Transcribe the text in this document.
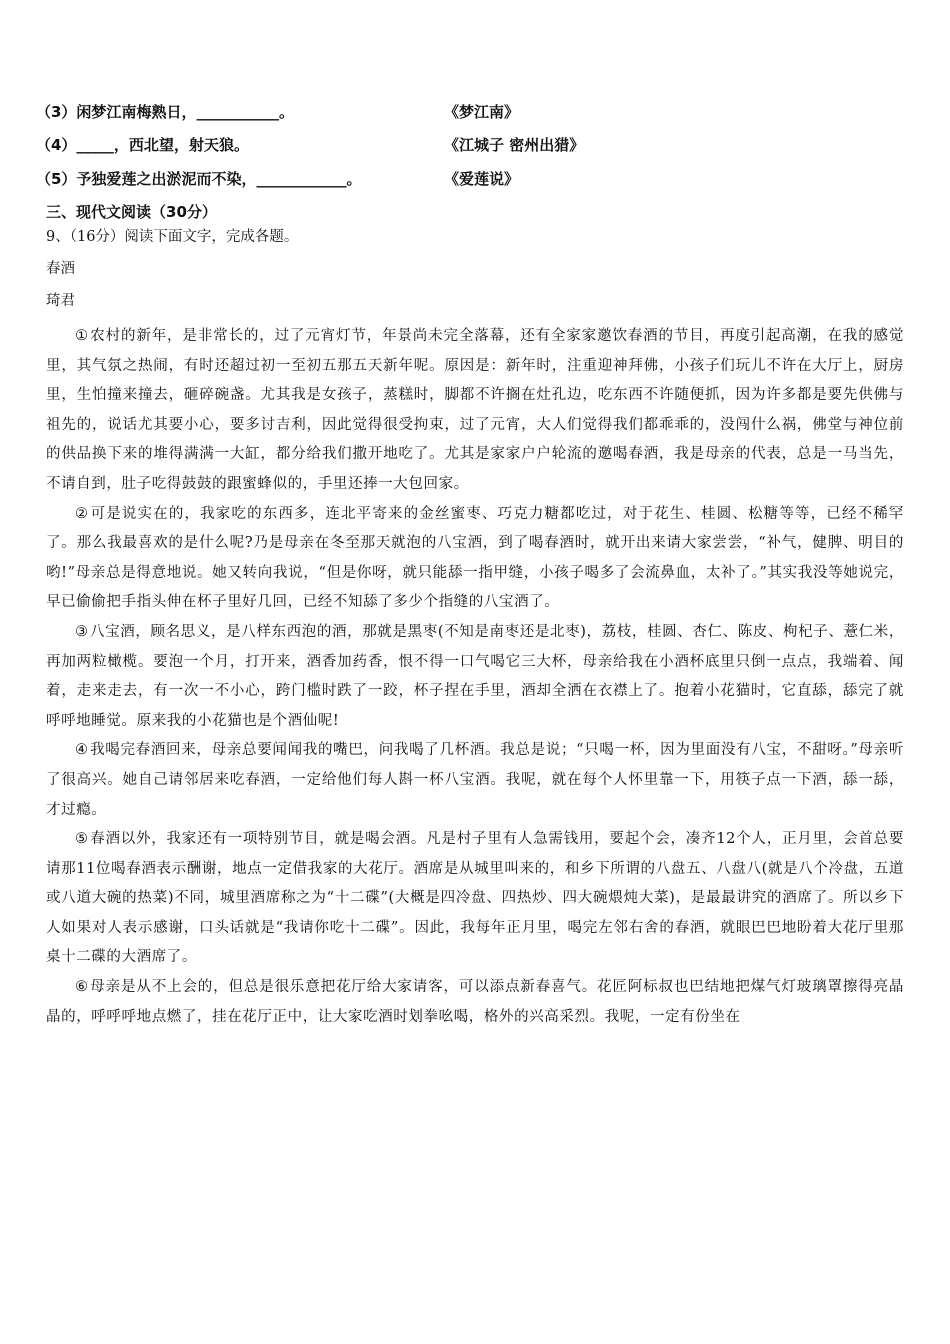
（3）闲梦江南梅熟日，___________。	《梦江南》
（4）_____，西北望，射天狼。	《江城子 密州出猎》
（5）予独爱莲之出淤泥而不染，____________。	《爱莲说》
三、现代文阅读（30分）
9、（16分）阅读下面文字，完成各题。
春酒
琦君

① 农村的新年，是非常长的，过了元宵灯节，年景尚未完全落幕，还有全家家邀饮春酒的节目，再度引起高潮，在我的感觉里，其气氛之热闹，有时还超过初一至初五那五天新年呢。原因是：新年时，注重迎神拜佛，小孩子们玩儿不许在大厅上，厨房里，生怕撞来撞去，砸碎碗盏。尤其我是女孩子，蒸糕时，脚都不许搁在灶孔边，吃东西不许随便抓，因为许多都是要先供佛与祖先的，说话尤其要小心，要多讨吉利，因此觉得很受拘束，过了元宵，大人们觉得我们都乖乖的，没闯什么祸，佛堂与神位前的供品换下来的堆得满满一大缸，都分给我们撒开地吃了。尤其是家家户户轮流的邀喝春酒，我是母亲的代表，总是一马当先，不请自到，肚子吃得鼓鼓的跟蜜蜂似的，手里还捧一大包回家。

② 可是说实在的，我家吃的东西多，连北平寄来的金丝蜜枣、巧克力糖都吃过，对于花生、桂圆、松糖等等，已经不稀罕了。那么我最喜欢的是什么呢?乃是母亲在冬至那天就泡的八宝酒，到了喝春酒时，就开出来请大家尝尝，“补气，健脾、明目的哟!”母亲总是得意地说。她又转向我说，“但是你呀，就只能舔一指甲缝，小孩子喝多了会流鼻血，太补了。”其实我没等她说完，早已偷偷把手指头伸在杯子里好几回，已经不知舔了多少个指缝的八宝酒了。

③ 八宝酒，顾名思义，是八样东西泡的酒，那就是黑枣(不知是南枣还是北枣)，荔枝，桂圆、杏仁、陈皮、枸杞子、薏仁米，再加两粒橄榄。要泡一个月，打开来，酒香加药香，恨不得一口气喝它三大杯，母亲给我在小酒杯底里只倒一点点，我端着、闻着，走来走去，有一次一不小心，跨门槛时跌了一跤，杯子捏在手里，酒却全洒在衣襟上了。抱着小花猫时，它直舔，舔完了就呼呼地睡觉。原来我的小花猫也是个酒仙呢!

④ 我喝完春酒回来，母亲总要闻闻我的嘴巴，问我喝了几杯酒。我总是说；“只喝一杯，因为里面没有八宝，不甜呀。”母亲听了很高兴。她自己请邻居来吃春酒，一定给他们每人斟一杯八宝酒。我呢，就在每个人怀里靠一下，用筷子点一下酒，舔一舔，才过瘾。

⑤ 春酒以外，我家还有一项特别节目，就是喝会酒。凡是村子里有人急需钱用，要起个会，凑齐12个人，正月里，会首总要请那11位喝春酒表示酬谢，地点一定借我家的大花厅。酒席是从城里叫来的，和乡下所谓的八盘五、八盘八(就是八个冷盘，五道或八道大碗的热菜)不同，城里酒席称之为“十二碟”(大概是四冷盘、四热炒、四大碗煨炖大菜)，是最最讲究的酒席了。所以乡下人如果对人表示感谢，口头话就是“我请你吃十二碟”。因此，我每年正月里，喝完左邻右舍的春酒，就眼巴巴地盼着大花厅里那桌十二碟的大酒席了。

⑥ 母亲是从不上会的，但总是很乐意把花厅给大家请客，可以添点新春喜气。花匠阿标叔也巴结地把煤气灯玻璃罩擦得亮晶晶的，呼呼呼地点燃了，挂在花厅正中，让大家吃酒时划拳吆喝，格外的兴高采烈。我呢，一定有份坐在
